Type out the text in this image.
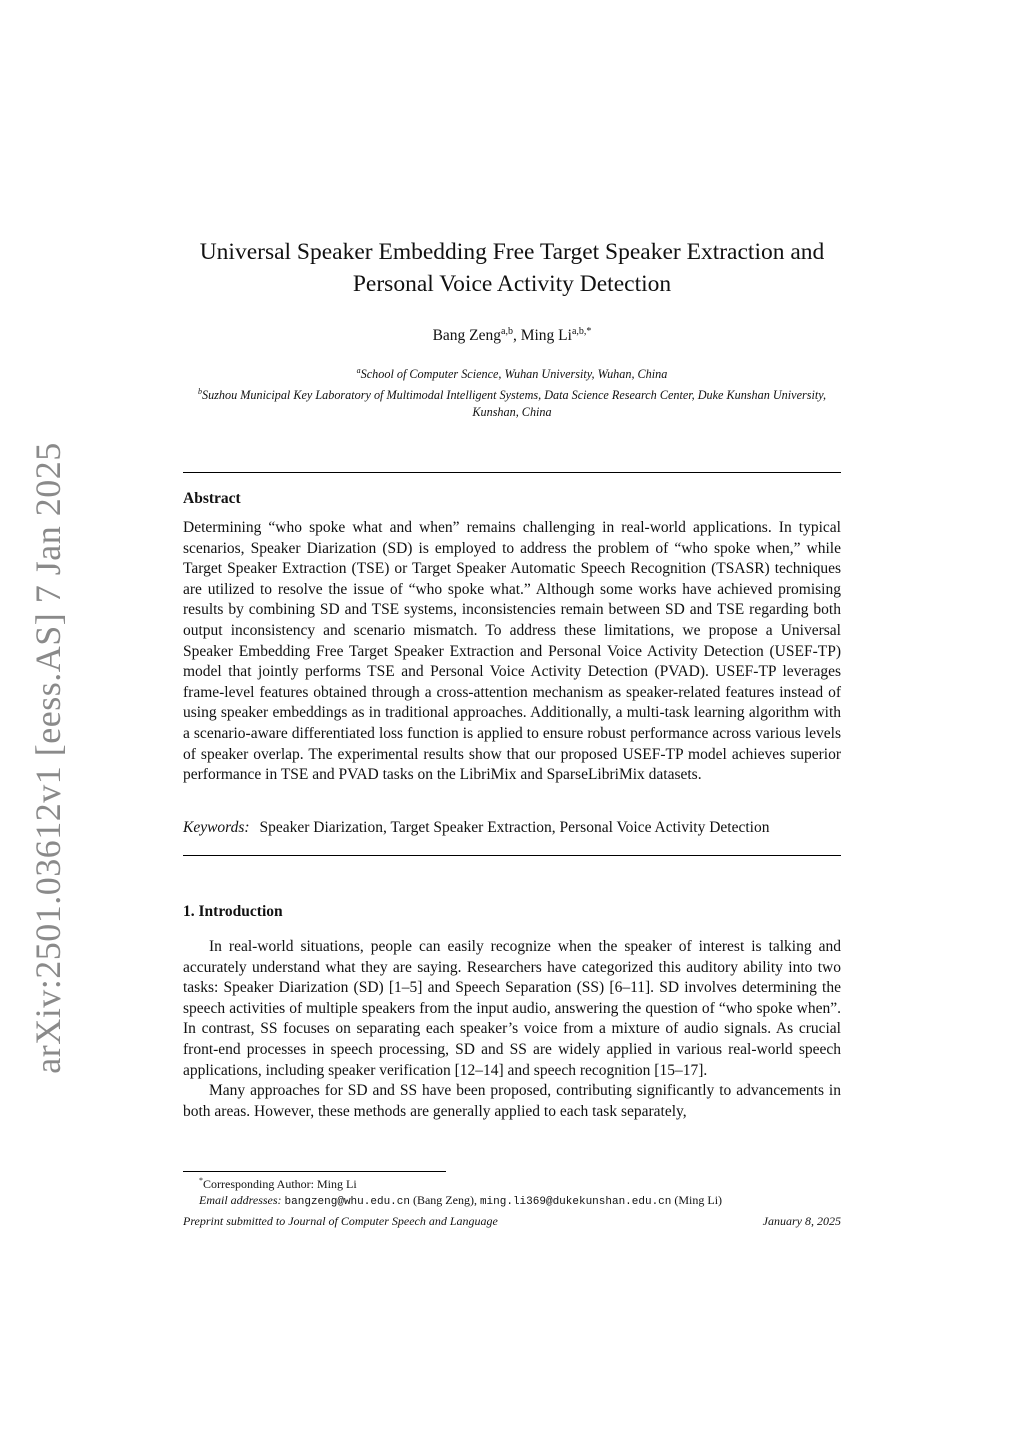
arXiv:2501.03612v1 [eess.AS] 7 Jan 2025
Universal Speaker Embedding Free Target Speaker Extraction and
Personal Voice Activity Detection
Bang Zeng$^{a,b}$, Ming $Li^{a,b,*}$
$^a$School of Computer Science, Wuhan University, Wuhan, China
$^b$Suzhou Municipal Key Laboratory of Multimodal Intelligent Systems, Data Science Research Center, Duke Kunshan University, Kunshan, China
Abstract
Determining “who spoke what and when” remains challenging in real-world applications. In typical scenarios, Speaker Diarization (SD) is employed to address the problem of “who spoke when,” while Target Speaker Extraction (TSE) or Target Speaker Automatic Speech Recognition (TSASR) techniques are utilized to resolve the issue of “who spoke what.” Although some works have achieved promising results by combining SD and TSE systems, inconsistencies remain between SD and TSE regarding both output inconsistency and scenario mismatch. To address these limitations, we propose a Universal Speaker Embedding Free Target Speaker Extraction and Personal Voice Activity Detection (USEF-TP) model that jointly performs TSE and Personal Voice Activity Detection (PVAD). USEF-TP leverages frame-level features obtained through a cross-attention mechanism as speaker-related features instead of using speaker embeddings as in traditional approaches. Additionally, a multi-task learning algorithm with a scenario-aware differentiated loss function is applied to ensure robust performance across various levels of speaker overlap. The experimental results show that our proposed USEF-TP model achieves superior performance in TSE and PVAD tasks on the LibriMix and SparseLibriMix datasets.
Keywords: Speaker Diarization, Target Speaker Extraction, Personal Voice Activity Detection
1. Introduction

In real-world situations, people can easily recognize when the speaker of interest is talking and accurately understand what they are saying. Researchers have categorized this auditory ability into two tasks: Speaker Diarization (SD) [1–5] and Speech Separation (SS) [6–11]. SD involves determining the speech activities of multiple speakers from the input audio, answering the question of “who spoke when”. In contrast, SS focuses on separating each speaker’s voice from a mixture of audio signals. As crucial front-end processes in speech processing, SD and SS are widely applied in various real-world speech applications, including speaker verification [12–14] and speech recognition [15–17].

Many approaches for SD and SS have been proposed, contributing significantly to advancements in both areas. However, these methods are generally applied to each task separately,

*Corresponding Author: Ming Li
Email addresses: bangzeng@whu.edu.cn (Bang Zeng), ming.li369@dukekunshan.edu.cn (Ming Li)
Preprint submitted to Journal of Computer Speech and Language	January 8, 2025
